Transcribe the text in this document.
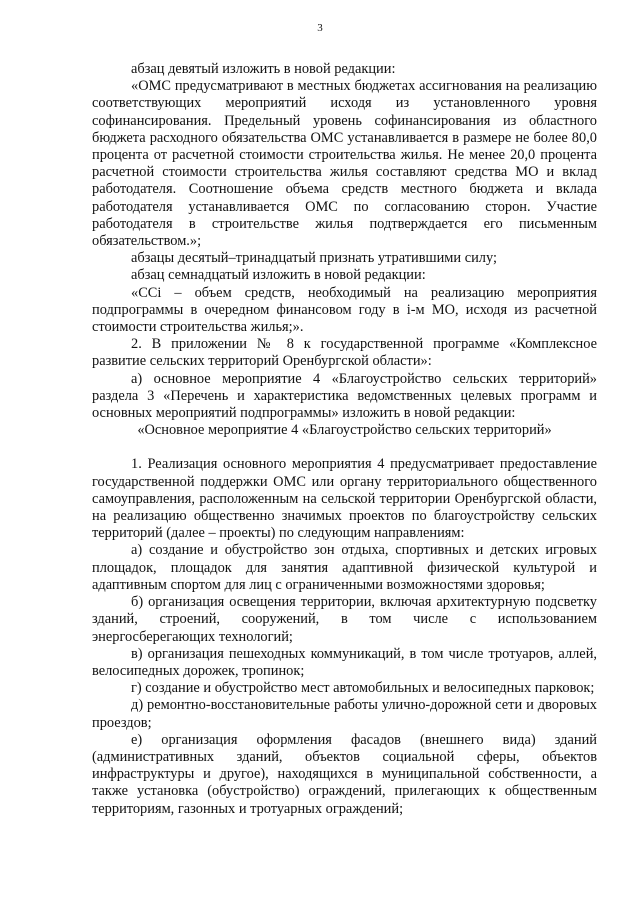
3

абзац девятый изложить в новой редакции:

«ОМС предусматривают в местных бюджетах ассигнования на реализацию соответствующих мероприятий исходя из установленного уровня софинансирования. Предельный уровень софинансирования из областного бюджета расходного обязательства ОМС устанавливается в размере не более 80,0 процента от расчетной стоимости строительства жилья. Не менее 20,0 процента расчетной стоимости строительства жилья составляют средства МО и вклад работодателя. Соотношение объема средств местного бюджета и вклада работодателя устанавливается ОМС по согласованию сторон. Участие работодателя в строительстве жилья подтверждается его письменным обязательством.»;

абзацы десятый–тринадцатый признать утратившими силу;

абзац семнадцатый изложить в новой редакции:

«ССi – объем средств, необходимый на реализацию мероприятия подпрограммы в очередном финансовом году в i-м МО, исходя из расчетной стоимости строительства жилья;».

2. В приложении № 8 к государственной программе «Комплексное развитие сельских территорий Оренбургской области»:

а) основное мероприятие 4 «Благоустройство сельских территорий» раздела 3 «Перечень и характеристика ведомственных целевых программ и основных мероприятий подпрограммы» изложить в новой редакции:

«Основное мероприятие 4 «Благоустройство сельских территорий»

1. Реализация основного мероприятия 4 предусматривает предоставление государственной поддержки ОМС или органу территориального общественного самоуправления, расположенным на сельской территории Оренбургской области, на реализацию общественно значимых проектов по благоустройству сельских территорий (далее – проекты) по следующим направлениям:

а) создание и обустройство зон отдыха, спортивных и детских игровых площадок, площадок для занятия адаптивной физической культурой и адаптивным спортом для лиц с ограниченными возможностями здоровья;

б) организация освещения территории, включая архитектурную подсветку зданий, строений, сооружений, в том числе с использованием энергосберегающих технологий;

в) организация пешеходных коммуникаций, в том числе тротуаров, аллей, велосипедных дорожек, тропинок;

г) создание и обустройство мест автомобильных и велосипедных парковок;

д) ремонтно-восстановительные работы улично-дорожной сети и дворовых проездов;

е) организация оформления фасадов (внешнего вида) зданий (административных зданий, объектов социальной сферы, объектов инфраструктуры и другое), находящихся в муниципальной собственности, а также установка (обустройство) ограждений, прилегающих к общественным территориям, газонных и тротуарных ограждений;
